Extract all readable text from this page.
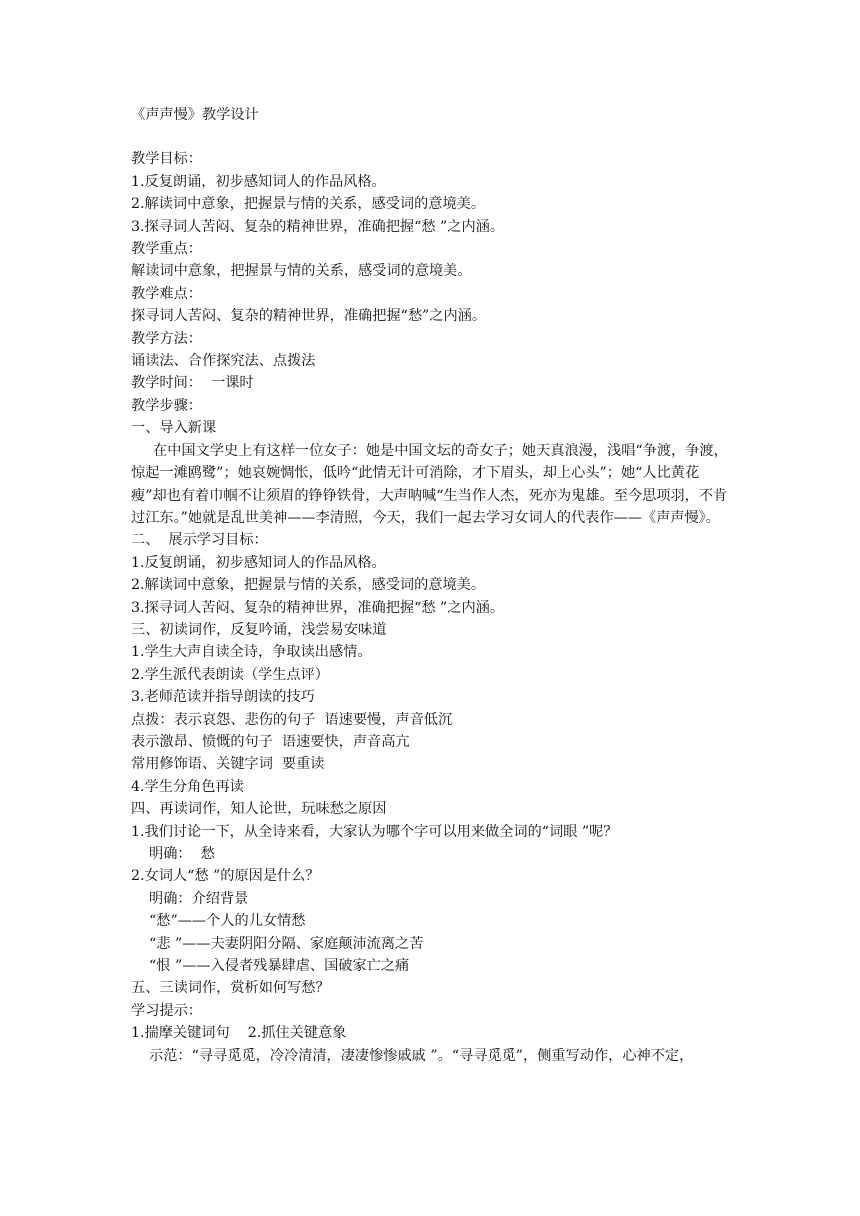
《声声慢》教学设计
教学目标：
1.反复朗诵，初步感知词人的作品风格。
2.解读词中意象，把握景与情的关系，感受词的意境美。
3.探寻词人苦闷、复杂的精神世界，准确把握“愁 ”之内涵。
教学重点：
解读词中意象，把握景与情的关系，感受词的意境美。
教学难点：
探寻词人苦闷、复杂的精神世界，准确把握“愁”之内涵。
教学方法：
诵读法、合作探究法、点拨法
教学时间：  一课时
教学步骤：
一、导入新课
在中国文学史上有这样一位女子：她是中国文坛的奇女子；她天真浪漫，浅唱“争渡，争渡，惊起一滩鸥鹭”；她哀婉惆怅，低吟“此情无计可消除，才下眉头，却上心头”；她“人比黄花瘦”却也有着巾帼不让须眉的铮铮铁骨，大声呐喊“生当作人杰，死亦为鬼雄。至今思项羽，不肯过江东。”她就是乱世美神——李清照，今天，我们一起去学习女词人的代表作——《声声慢》。
二、  展示学习目标：
1.反复朗诵，初步感知词人的作品风格。
2.解读词中意象，把握景与情的关系，感受词的意境美。
3.探寻词人苦闷、复杂的精神世界，准确把握“愁 ”之内涵。
三、初读词作，反复吟诵，浅尝易安味道
1.学生大声自读全诗，争取读出感情。
2.学生派代表朗读（学生点评）
3.老师范读并指导朗读的技巧
点拨：表示哀怨、悲伤的句子  语速要慢，声音低沉
表示激昂、愤慨的句子  语速要快，声音高亢
常用修饰语、关键字词  要重读
4.学生分角色再读
四、再读词作，知人论世，玩味愁之原因
1.我们讨论一下，从全诗来看，大家认为哪个字可以用来做全词的“词眼 ”呢？
明确：  愁
2.女词人“愁 ”的原因是什么？
明确：介绍背景
“愁”——个人的儿女情愁
“悲 ”——夫妻阴阳分隔、家庭颠沛流离之苦
“恨 ”——入侵者残暴肆虐、国破家亡之痛
五、三读词作，赏析如何写愁？
学习提示：
1.揣摩关键词句    2.抓住关键意象
示范：“寻寻觅觅，冷冷清清，凄凄惨惨戚戚 ”。“寻寻觅觅”，侧重写动作，心神不定，
